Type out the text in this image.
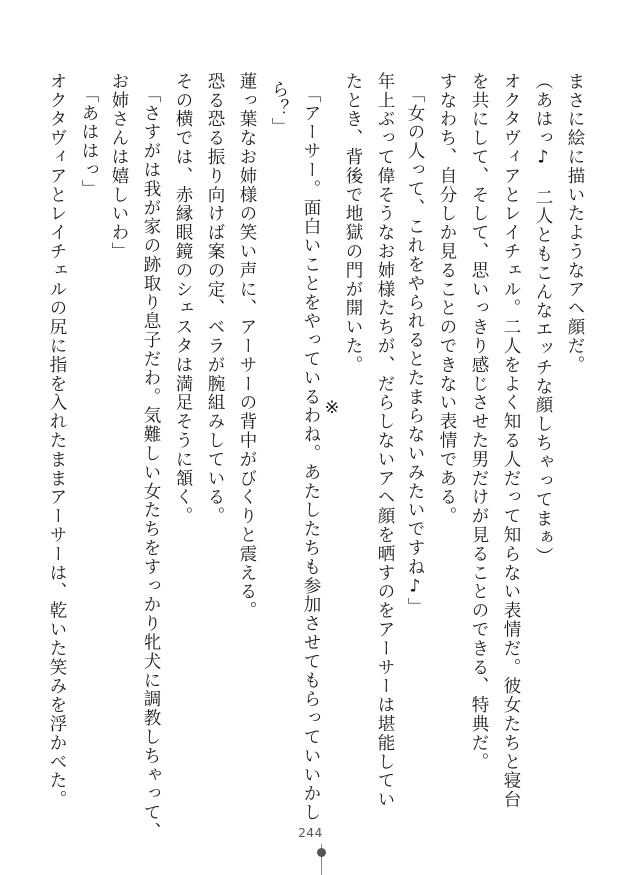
まさに絵に描いたようなアヘ顔だ。
（あはっ♪　二人ともこんなエッチな顔しちゃってまぁ）
オクタヴィアとレイチェル。二人をよく知る人だって知らない表情だ。彼女たちと寝台
を共にして、そして、思いっきり感じさせた男だけが見ることのできる、特典だ。
すなわち、自分しか見ることのできない表情である。
「女の人って、これをやられるとたまらないみたいですね♪」
年上ぶって偉そうなお姉様たちが、だらしないアヘ顔を晒すのをアーサーは堪能してい
たとき、背後で地獄の門が開いた。
※
「アーサー。面白いことをやっているわね。あたしたちも参加させてもらっていいかし
ら？」
蓮っ葉なお姉様の笑い声に、アーサーの背中がびくりと震える。
恐る恐る振り向けば案の定、ベラが腕組みしている。
その横では、赤縁眼鏡のシェスタは満足そうに頷く。
「さすがは我が家の跡取り息子だわ。気難しい女たちをすっかり牝犬に調教しちゃって、
お姉さんは嬉しいわ」
「あははっ」
オクタヴィアとレイチェルの尻に指を入れたままアーサーは、乾いた笑みを浮かべた。
244
